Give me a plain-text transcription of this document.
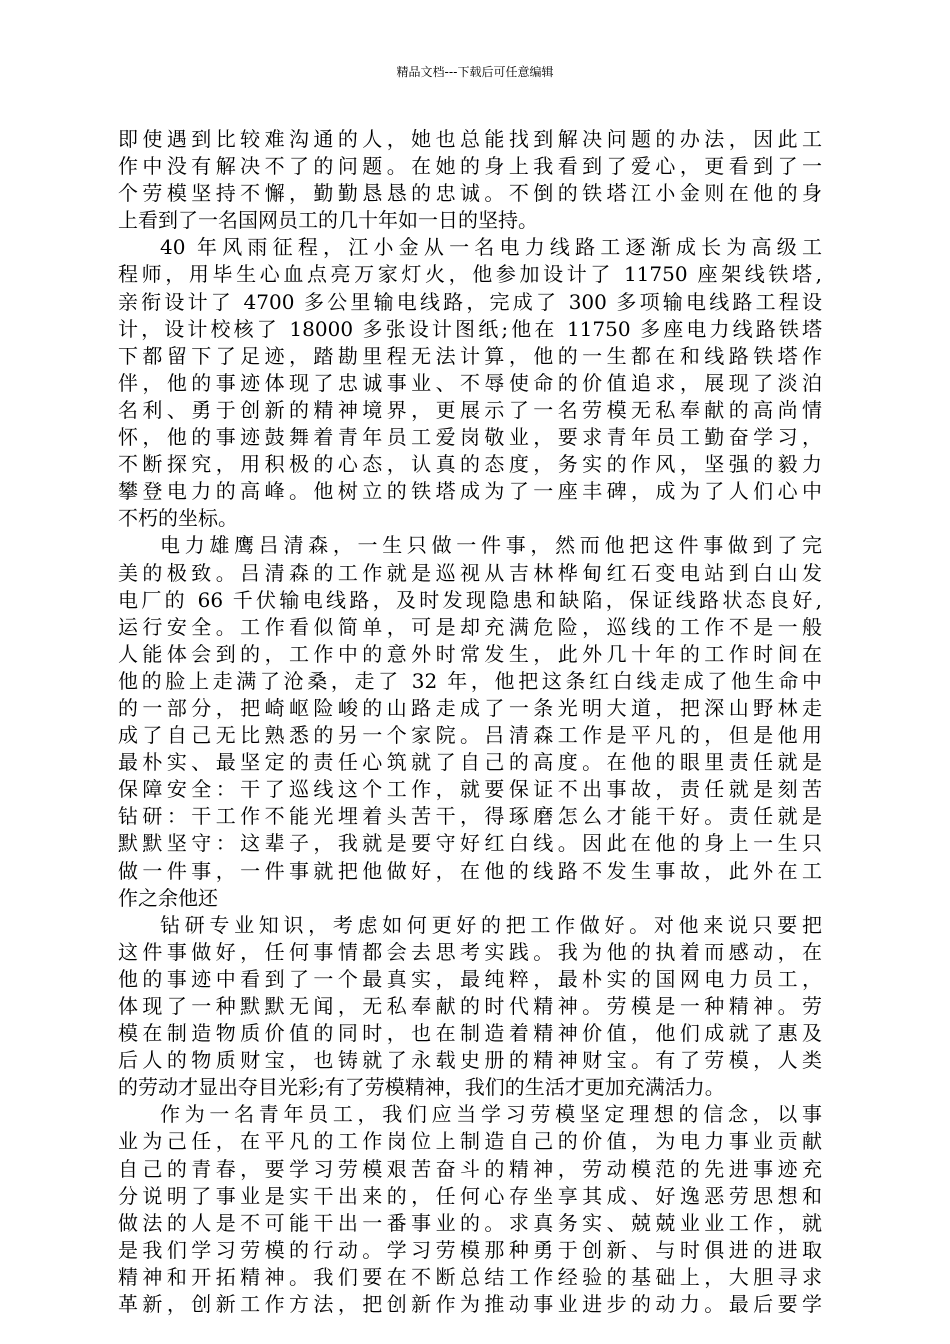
精品文档---下载后可任意编辑
即使遇到比较难沟通的人，她也总能找到解决问题的办法，因此工
作中没有解决不了的问题。在她的身上我看到了爱心，更看到了一
个劳模坚持不懈，勤勤恳恳的忠诚。不倒的铁塔江小金则在他的身
上看到了一名国网员工的几十年如一日的坚持。
40 年风雨征程，江小金从一名电力线路工逐渐成长为高级工
程师，用毕生心血点亮万家灯火，他参加设计了 11750 座架线铁塔,
亲衔设计了 4700 多公里输电线路，完成了 300 多项输电线路工程设
计，设计校核了 18000 多张设计图纸;他在 11750 多座电力线路铁塔
下都留下了足迹，踏勘里程无法计算，他的一生都在和线路铁塔作
伴，他的事迹体现了忠诚事业、不辱使命的价值追求，展现了淡泊
名利、勇于创新的精神境界，更展示了一名劳模无私奉献的高尚情
怀，他的事迹鼓舞着青年员工爱岗敬业，要求青年员工勤奋学习，
不断探究，用积极的心态，认真的态度，务实的作风，坚强的毅力
攀登电力的高峰。他树立的铁塔成为了一座丰碑，成为了人们心中
不朽的坐标。
电力雄鹰吕清森，一生只做一件事，然而他把这件事做到了完
美的极致。吕清森的工作就是巡视从吉林桦甸红石变电站到白山发
电厂的 66 千伏输电线路，及时发现隐患和缺陷，保证线路状态良好,
运行安全。工作看似简单，可是却充满危险，巡线的工作不是一般
人能体会到的，工作中的意外时常发生，此外几十年的工作时间在
他的脸上走满了沧桑，走了 32 年，他把这条红白线走成了他生命中
的一部分，把崎岖险峻的山路走成了一条光明大道，把深山野林走
成了自己无比熟悉的另一个家院。吕清森工作是平凡的，但是他用
最朴实、最坚定的责任心筑就了自己的高度。在他的眼里责任就是
保障安全：干了巡线这个工作，就要保证不出事故，责任就是刻苦
钻研：干工作不能光埋着头苦干，得琢磨怎么才能干好。责任就是
默默坚守：这辈子，我就是要守好红白线。因此在他的身上一生只
做一件事，一件事就把他做好，在他的线路不发生事故，此外在工
作之余他还
钻研专业知识，考虑如何更好的把工作做好。对他来说只要把
这件事做好，任何事情都会去思考实践。我为他的执着而感动，在
他的事迹中看到了一个最真实，最纯粹，最朴实的国网电力员工，
体现了一种默默无闻，无私奉献的时代精神。劳模是一种精神。劳
模在制造物质价值的同时，也在制造着精神价值，他们成就了惠及
后人的物质财宝，也铸就了永载史册的精神财宝。有了劳模，人类
的劳动才显出夺目光彩;有了劳模精神，我们的生活才更加充满活力。
作为一名青年员工，我们应当学习劳模坚定理想的信念，以事
业为己任，在平凡的工作岗位上制造自己的价值，为电力事业贡献
自己的青春，要学习劳模艰苦奋斗的精神，劳动模范的先进事迹充
分说明了事业是实干出来的，任何心存坐享其成、好逸恶劳思想和
做法的人是不可能干出一番事业的。求真务实、兢兢业业工作，就
是我们学习劳模的行动。学习劳模那种勇于创新、与时俱进的进取
精神和开拓精神。我们要在不断总结工作经验的基础上，大胆寻求
革新，创新工作方法，把创新作为推动事业进步的动力。最后要学
